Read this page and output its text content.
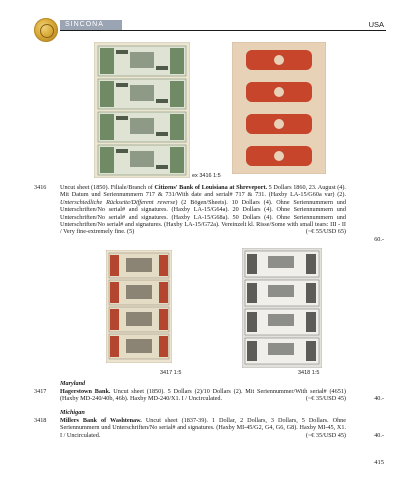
SINCONA	USA
ex 3416 1:5
3416 Uncut sheet (1850). Filiale/Branch of Citizens' Bank of Louisiana at Shreveport. 5 Dollars 1860, 23. August (4). Mit Datum und Seriennummern 717 & 731/With date and serial# 717 & 731. (Haxby LA-15/G60a var) (2). Unterschiedliche Rückseite/Different reverse) (2 Bögen/Sheets). 10 Dollars (4). Ohne Seriennummern und Unterschriften/No serial# and signatures. (Haxby LA-15/G64a). 20 Dollars (4). Ohne Seriennummern und Unterschriften/No serial# and signatures. (Haxby LA-15/G68a). 50 Dollars (4). Ohne Seriennummern und Unterschriften/No serial# and signatures. (Haxby LA-15/G72a). Vereinzelt kl. Risse/Some with small tears: III - II / Very fine-extremely fine. (5)	(~€ 55/USD 65)
60.-
3417 1:5	3418 1:5
Maryland
3417 Hagerstown Bank. Uncut sheet (1850). 5 Dollars (2)/10 Dollars (2). Mit Seriennummer/With serial# (4651) (Haxby MD-240/40b, 46b). Haxby MD-240/X1. I / Uncirculated.	(~€ 35/USD 45)	40.-
Michigan
3418 Millers Bank of Washtenaw. Uncut sheet (1837-39). 1 Dollar, 2 Dollars, 3 Dollars, 5 Dollars. Ohne Seriennummern und Unterschriften/No serial# and signatures. (Haxby MI-45/G2, G4, G6, G8). Haxby MI-45, X1. I / Uncirculated.	(~€ 35/USD 45)	40.-
415
